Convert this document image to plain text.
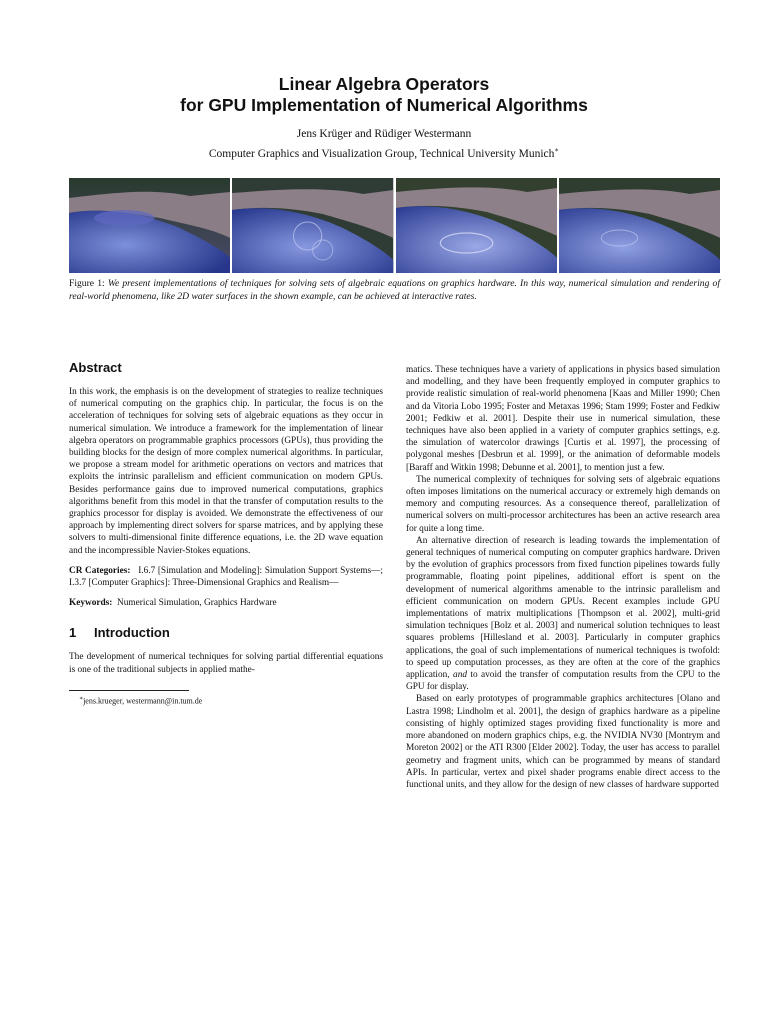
Linear Algebra Operators
for GPU Implementation of Numerical Algorithms
Jens Krüger and Rüdiger Westermann
Computer Graphics and Visualization Group, Technical University Munich∗
Figure 1: We present implementations of techniques for solving sets of algebraic equations on graphics hardware. In this way, numerical simulation and rendering of real-world phenomena, like 2D water surfaces in the shown example, can be achieved at interactive rates.
Abstract

In this work, the emphasis is on the development of strategies to realize techniques of numerical computing on the graphics chip. In particular, the focus is on the acceleration of techniques for solving sets of algebraic equations as they occur in numerical simulation. We introduce a framework for the implementation of linear algebra operators on programmable graphics processors (GPUs), thus providing the building blocks for the design of more complex numerical algorithms. In particular, we propose a stream model for arithmetic operations on vectors and matrices that exploits the intrinsic parallelism and efficient communication on modern GPUs. Besides performance gains due to improved numerical computations, graphics algorithms benefit from this model in that the transfer of computation results to the graphics processor for display is avoided. We demonstrate the effectiveness of our approach by implementing direct solvers for sparse matrices, and by applying these solvers to multi-dimensional finite difference equations, i.e. the 2D wave equation and the incompressible Navier-Stokes equations.

CR Categories: I.6.7 [Simulation and Modeling]: Simulation Support Systems—; I.3.7 [Computer Graphics]: Three-Dimensional Graphics and Realism—

Keywords: Numerical Simulation, Graphics Hardware

1 Introduction

The development of numerical techniques for solving partial differential equations is one of the traditional subjects in applied mathe-

∗jens.krueger, westermann@in.tum.de

matics. These techniques have a variety of applications in physics based simulation and modelling, and they have been frequently employed in computer graphics to provide realistic simulation of real-world phenomena [Kaas and Miller 1990; Chen and da Vitoria Lobo 1995; Foster and Metaxas 1996; Stam 1999; Foster and Fedkiw 2001; Fedkiw et al. 2001]. Despite their use in numerical simulation, these techniques have also been applied in a variety of computer graphics settings, e.g. the simulation of watercolor drawings [Curtis et al. 1997], the processing of polygonal meshes [Desbrun et al. 1999], or the animation of deformable models [Baraff and Witkin 1998; Debunne et al. 2001], to mention just a few.

The numerical complexity of techniques for solving sets of algebraic equations often imposes limitations on the numerical accuracy or extremely high demands on memory and computing resources. As a consequence thereof, parallelization of numerical solvers on multi-processor architectures has been an active research area for quite a long time.

An alternative direction of research is leading towards the implementation of general techniques of numerical computing on computer graphics hardware. Driven by the evolution of graphics processors from fixed function pipelines towards fully programmable, floating point pipelines, additional effort is spent on the development of numerical algorithms amenable to the intrinsic parallelism and efficient communication on modern GPUs. Recent examples include GPU implementations of matrix multiplications [Thompson et al. 2002], multi-grid simulation techniques [Bolz et al. 2003] and numerical solution techniques to least squares problems [Hillesland et al. 2003]. Particularly in computer graphics applications, the goal of such implementations of numerical techniques is twofold: to speed up computation processes, as they are often at the core of the graphics application, and to avoid the transfer of computation results from the CPU to the GPU for display.

Based on early prototypes of programmable graphics architectures [Olano and Lastra 1998; Lindholm et al. 2001], the design of graphics hardware as a pipeline consisting of highly optimized stages providing fixed functionality is more and more abandoned on modern graphics chips, e.g. the NVIDIA NV30 [Montrym and Moreton 2002] or the ATI R300 [Elder 2002]. Today, the user has access to parallel geometry and fragment units, which can be programmed by means of standard APIs. In particular, vertex and pixel shader programs enable direct access to the functional units, and they allow for the design of new classes of hardware supported
